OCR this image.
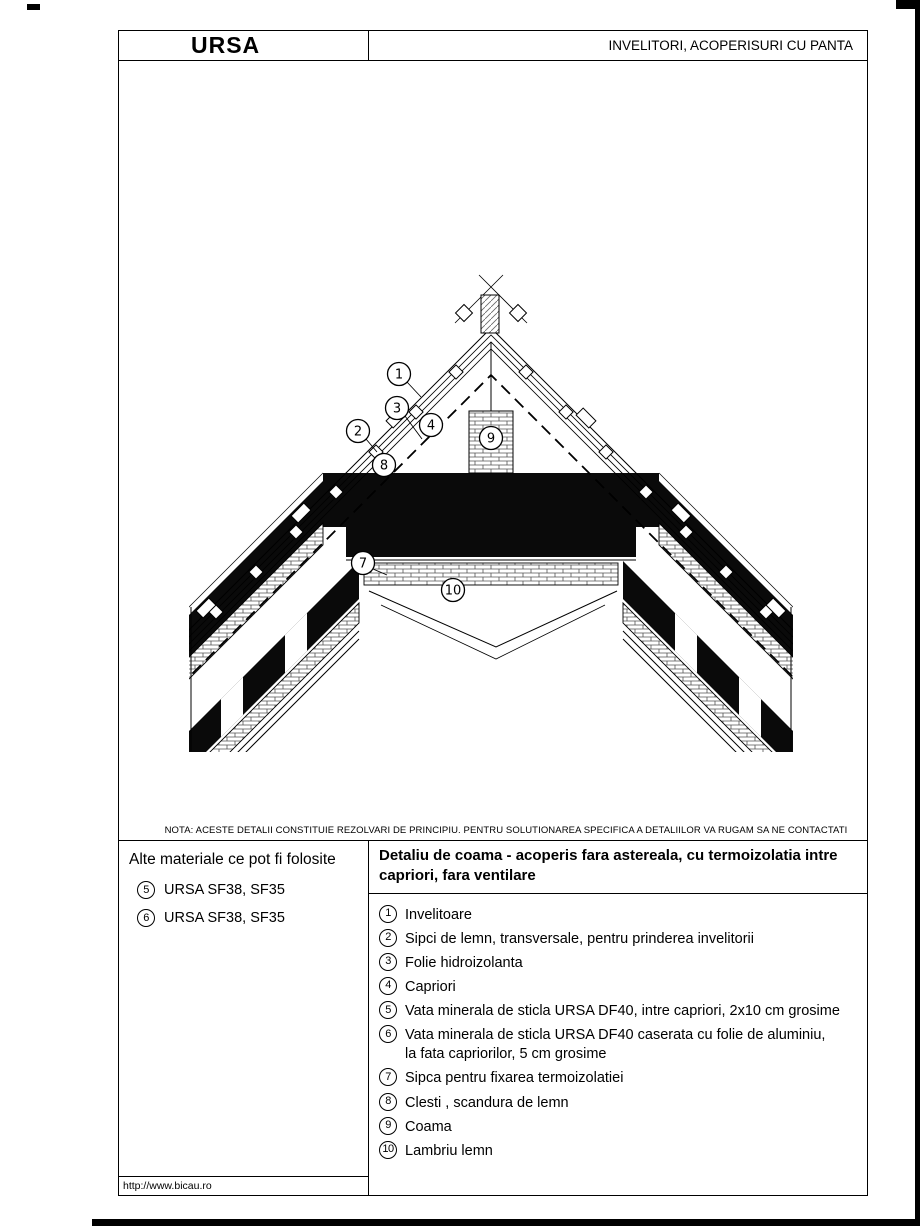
URSA	INVELITORI, ACOPERISURI CU PANTA
1
3
2	4
9
8
7
10
NOTA: ACESTE DETALII CONSTITUIE REZOLVARI DE PRINCIPIU. PENTRU SOLUTIONAREA SPECIFICA A DETALIILOR VA RUGAM SA NE CONTACTATI
Alte materiale ce pot fi folosite
5	URSA SF38, SF35
6	URSA SF38, SF35
http://www.bicau.ro
Detaliu de coama - acoperis fara astereala, cu termoizolatia intre capriori, fara ventilare
1 Invelitoare
2 Sipci de lemn, transversale, pentru prinderea invelitorii
3 Folie hidroizolanta
4 Capriori
5 Vata minerala de sticla URSA DF40, intre capriori, 2x10 cm grosime
6 Vata minerala de sticla URSA DF40 caserata cu folie de aluminiu,
la fata capriorilor, 5 cm grosime
7 Sipca pentru fixarea termoizolatiei
8 Clesti , scandura de lemn
9 Coama
10 Lambriu lemn
